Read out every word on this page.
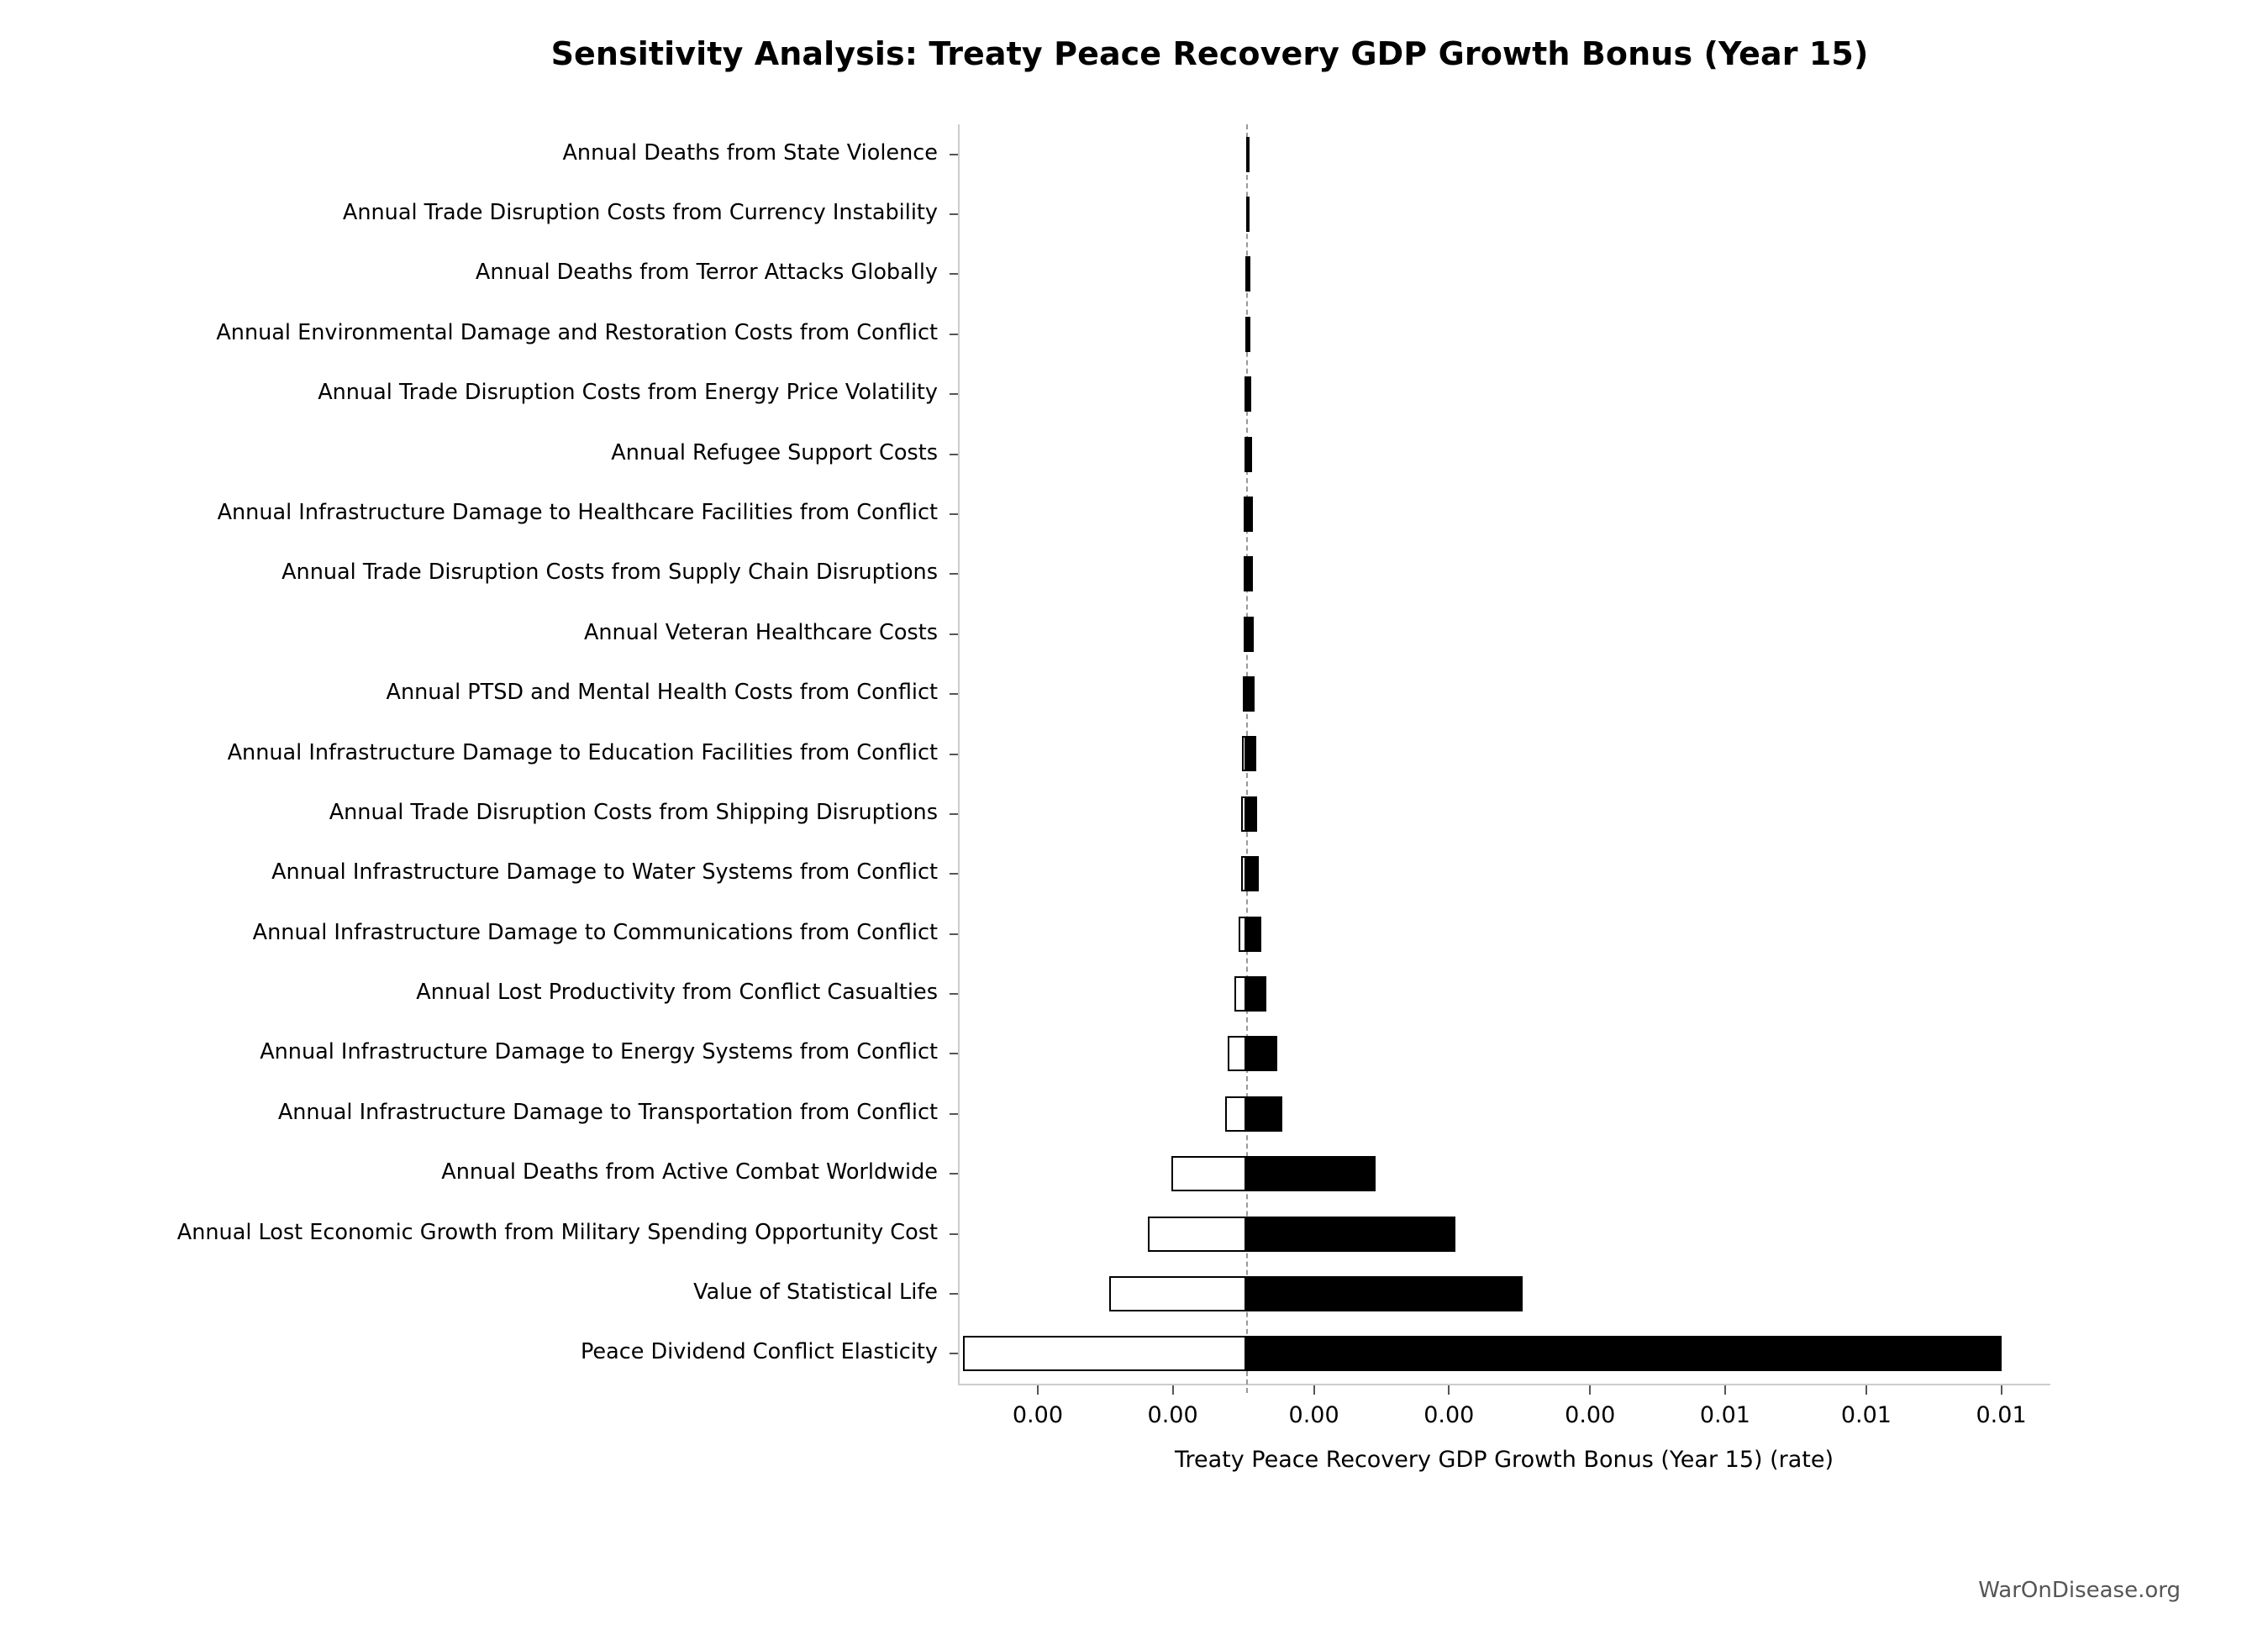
Sensitivity Analysis: Treaty Peace Recovery GDP Growth Bonus (Year 15)
Treaty Peace Recovery GDP Growth Bonus (Year 15) (rate)
WarOnDisease.org
Annual Deaths from State Violence
Annual Trade Disruption Costs from Currency Instability
Annual Deaths from Terror Attacks Globally
Annual Environmental Damage and Restoration Costs from Conflict
Annual Trade Disruption Costs from Energy Price Volatility
Annual Refugee Support Costs
Annual Infrastructure Damage to Healthcare Facilities from Conflict
Annual Trade Disruption Costs from Supply Chain Disruptions
Annual Veteran Healthcare Costs
Annual PTSD and Mental Health Costs from Conflict
Annual Infrastructure Damage to Education Facilities from Conflict
Annual Trade Disruption Costs from Shipping Disruptions
Annual Infrastructure Damage to Water Systems from Conflict
Annual Infrastructure Damage to Communications from Conflict
Annual Lost Productivity from Conflict Casualties
Annual Infrastructure Damage to Energy Systems from Conflict
Annual Infrastructure Damage to Transportation from Conflict
Annual Deaths from Active Combat Worldwide
Annual Lost Economic Growth from Military Spending Opportunity Cost
Value of Statistical Life
Peace Dividend Conflict Elasticity
0.00	0.00	0.00	0.00	0.00	0.01	0.01	0.01
